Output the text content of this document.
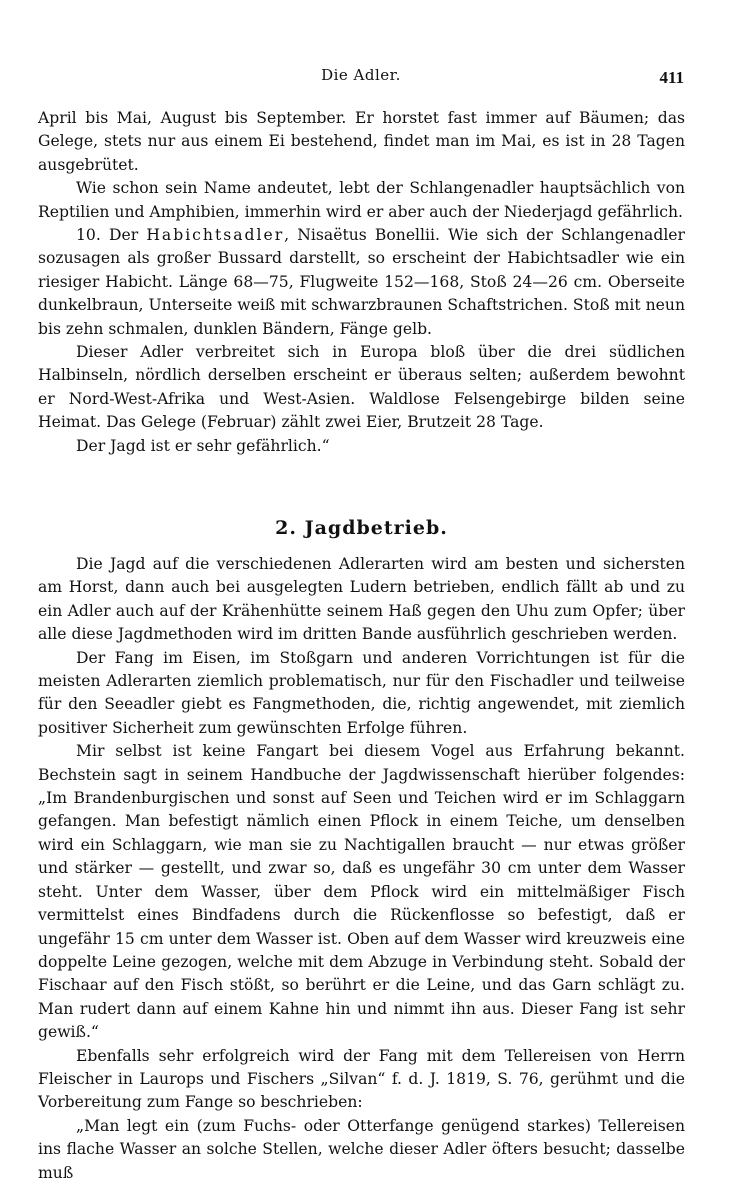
Die Adler.	411

April bis Mai, August bis September. Er horstet fast immer auf Bäumen; das Gelege, stets nur aus einem Ei bestehend, findet man im Mai, es ist in 28 Tagen ausgebrütet.

Wie schon sein Name andeutet, lebt der Schlangenadler hauptsächlich von Reptilien und Amphibien, immerhin wird er aber auch der Niederjagd gefährlich.

10. Der Habichtsadler, Nisaëtus Bonellii. Wie sich der Schlangenadler sozusagen als großer Bussard darstellt, so erscheint der Habichtsadler wie ein riesiger Habicht. Länge 68—75, Flugweite 152—168, Stoß 24—26 cm. Oberseite dunkelbraun, Unterseite weiß mit schwarzbraunen Schaftstrichen. Stoß mit neun bis zehn schmalen, dunklen Bändern, Fänge gelb.

Dieser Adler verbreitet sich in Europa bloß über die drei südlichen Halbinseln, nördlich derselben erscheint er überaus selten; außerdem bewohnt er Nord-West-Afrika und West-Asien. Waldlose Felsengebirge bilden seine Heimat. Das Gelege (Februar) zählt zwei Eier, Brutzeit 28 Tage.

Der Jagd ist er sehr gefährlich.“

2. Jagdbetrieb.

Die Jagd auf die verschiedenen Adlerarten wird am besten und sichersten am Horst, dann auch bei ausgelegten Ludern betrieben, endlich fällt ab und zu ein Adler auch auf der Krähenhütte seinem Haß gegen den Uhu zum Opfer; über alle diese Jagdmethoden wird im dritten Bande ausführlich geschrieben werden.

Der Fang im Eisen, im Stoßgarn und anderen Vorrichtungen ist für die meisten Adlerarten ziemlich problematisch, nur für den Fischadler und teilweise für den Seeadler giebt es Fangmethoden, die, richtig angewendet, mit ziemlich positiver Sicherheit zum gewünschten Erfolge führen.

Mir selbst ist keine Fangart bei diesem Vogel aus Erfahrung bekannt. Bechstein sagt in seinem Handbuche der Jagdwissenschaft hierüber folgendes: „Im Brandenburgischen und sonst auf Seen und Teichen wird er im Schlaggarn gefangen. Man befestigt nämlich einen Pflock in einem Teiche, um denselben wird ein Schlaggarn, wie man sie zu Nachtigallen braucht — nur etwas größer und stärker — gestellt, und zwar so, daß es ungefähr 30 cm unter dem Wasser steht. Unter dem Wasser, über dem Pflock wird ein mittelmäßiger Fisch vermittelst eines Bindfadens durch die Rückenflosse so befestigt, daß er ungefähr 15 cm unter dem Wasser ist. Oben auf dem Wasser wird kreuzweis eine doppelte Leine gezogen, welche mit dem Abzuge in Verbindung steht. Sobald der Fischaar auf den Fisch stößt, so berührt er die Leine, und das Garn schlägt zu. Man rudert dann auf einem Kahne hin und nimmt ihn aus. Dieser Fang ist sehr gewiß.“

Ebenfalls sehr erfolgreich wird der Fang mit dem Tellereisen von Herrn Fleischer in Laurops und Fischers „Silvan“ f. d. J. 1819, S. 76, gerühmt und die Vorbereitung zum Fange so beschrieben:

„Man legt ein (zum Fuchs- oder Otterfange genügend starkes) Tellereisen ins flache Wasser an solche Stellen, welche dieser Adler öfters besucht; dasselbe muß
